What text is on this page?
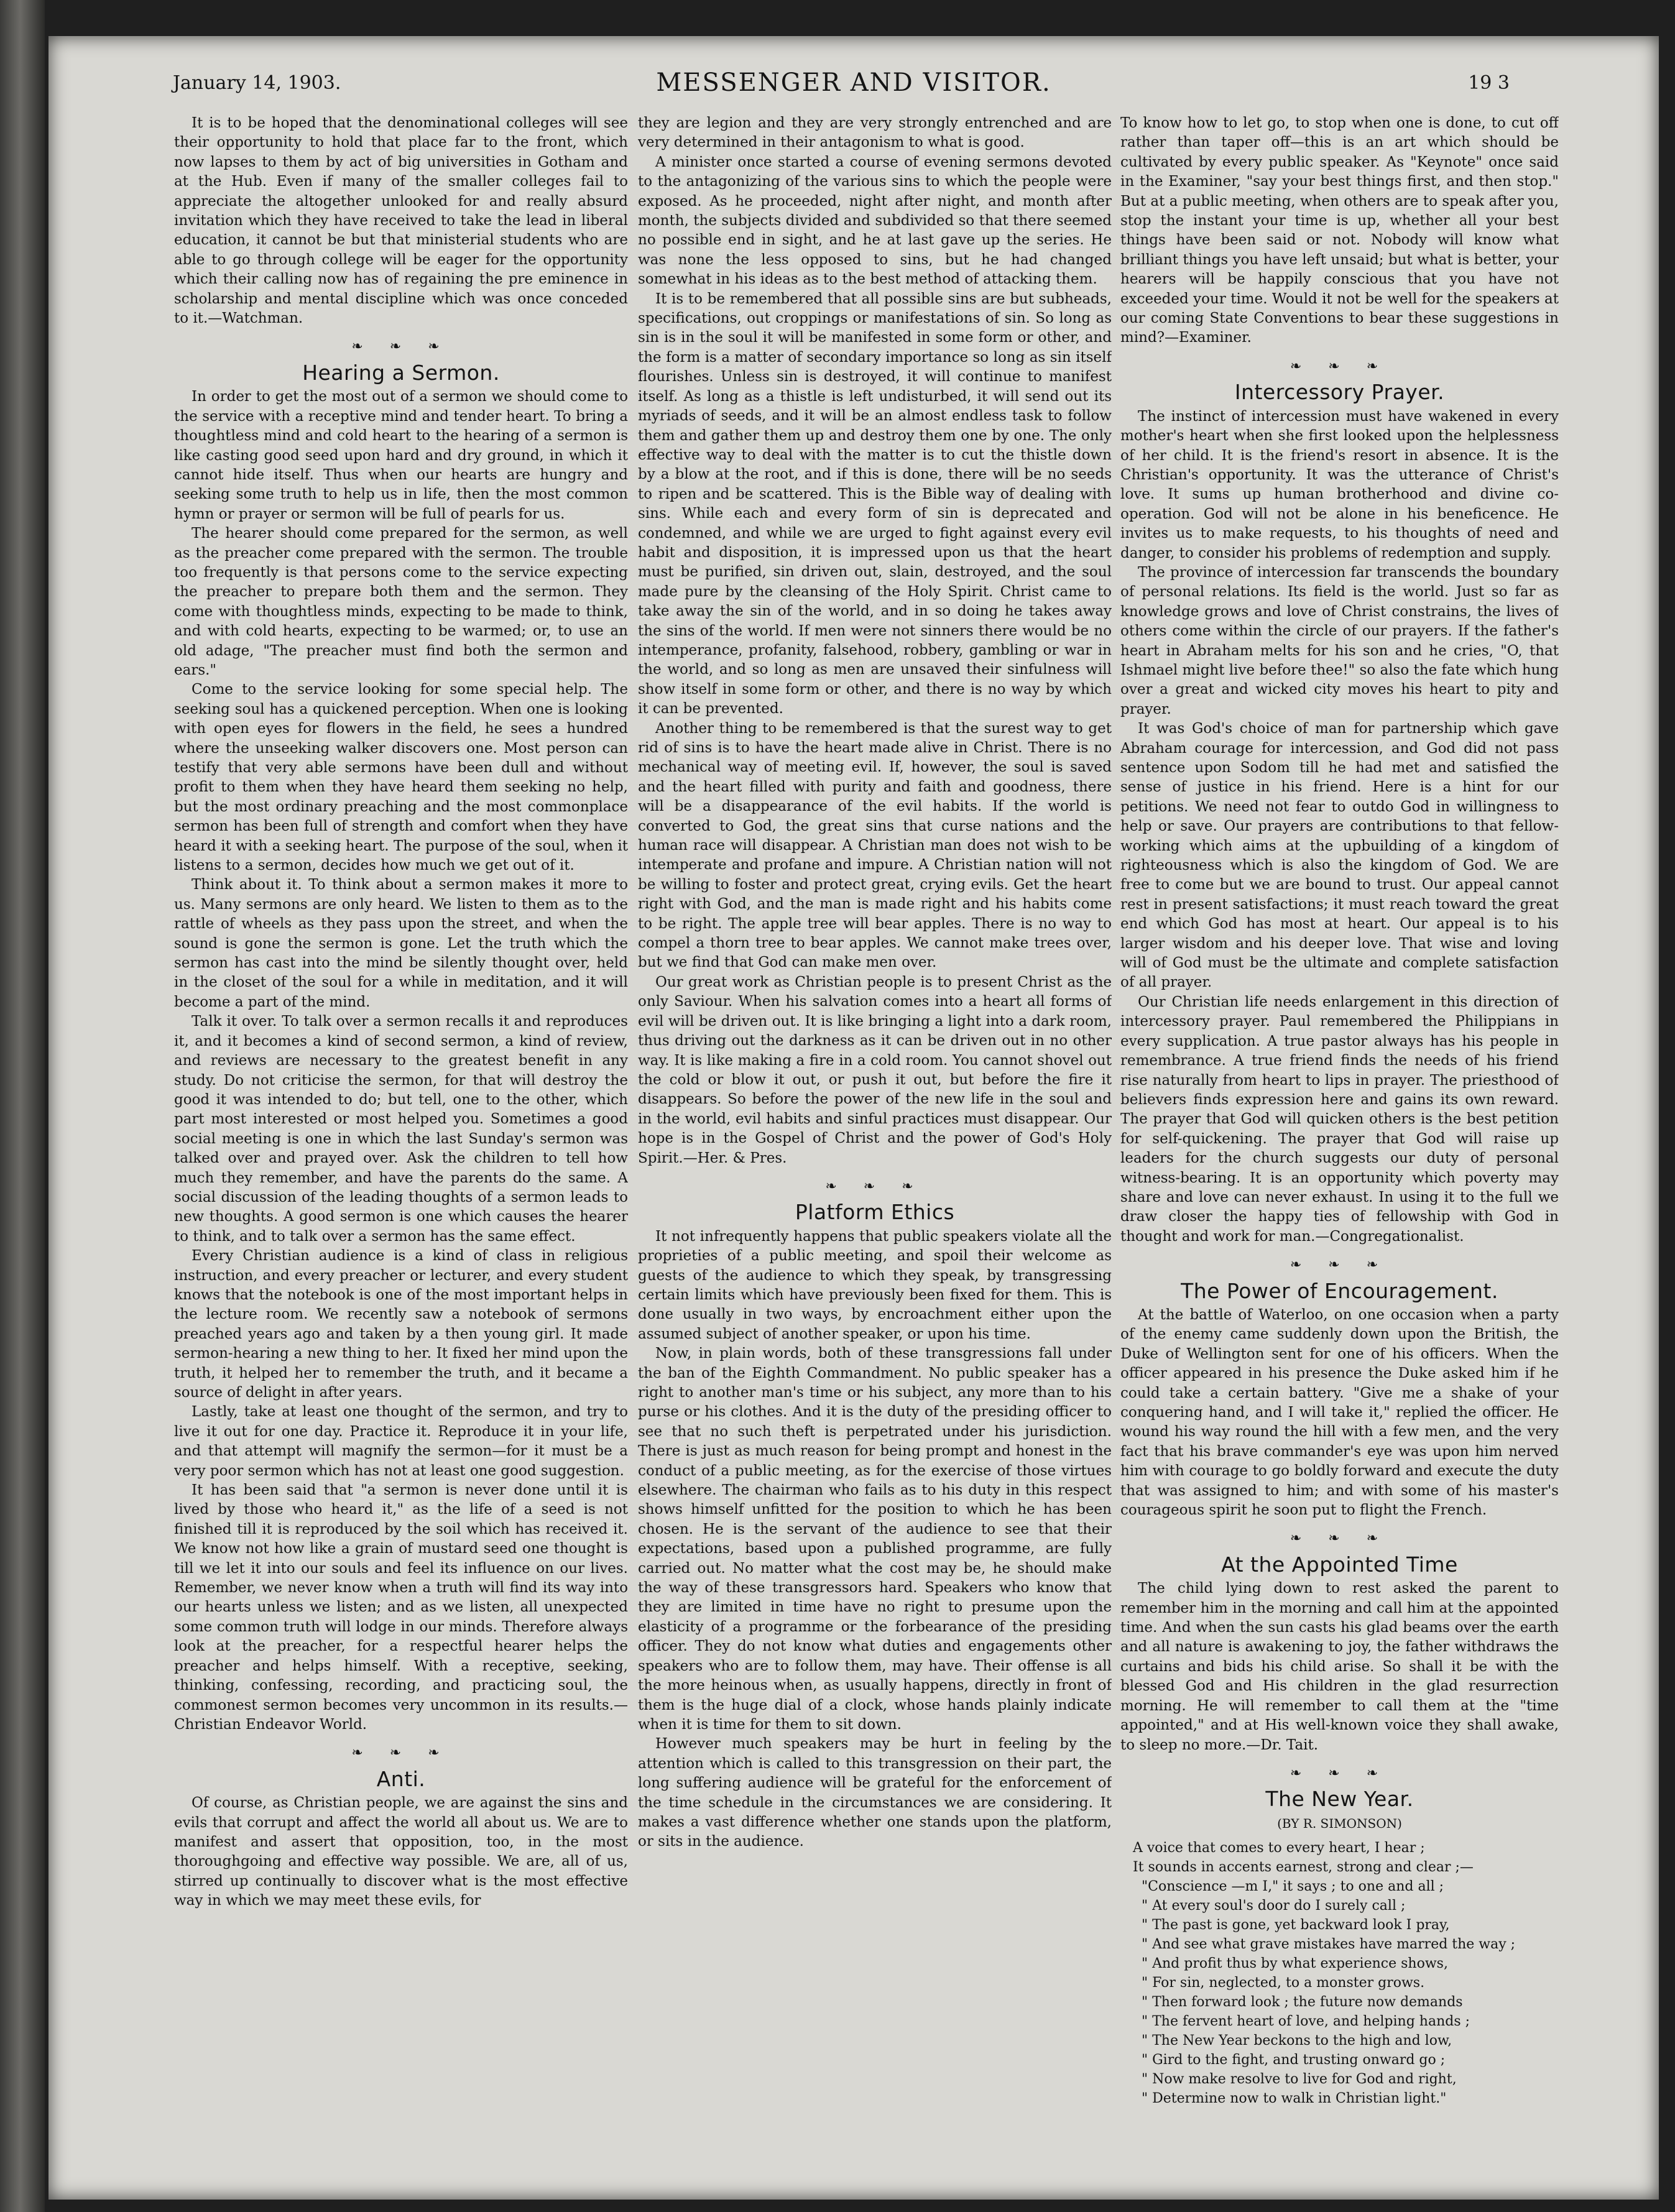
January 14, 1903.	MESSENGER AND VISITOR.	19 3

It is to be hoped that the denominational colleges will see their opportunity to hold that place far to the front, which now lapses to them by act of big universities in Gotham and at the Hub. Even if many of the smaller colleges fail to appreciate the altogether unlooked for and really absurd invitation which they have received to take the lead in liberal education, it cannot be but that ministerial students who are able to go through college will be eager for the opportunity which their calling now has of regaining the pre eminence in scholarship and mental discipline which was once conceded to it.—Watchman.

❧ ❧ ❧
Hearing a Sermon.

In order to get the most out of a sermon we should come to the service with a receptive mind and tender heart. To bring a thoughtless mind and cold heart to the hearing of a sermon is like casting good seed upon hard and dry ground, in which it cannot hide itself. Thus when our hearts are hungry and seeking some truth to help us in life, then the most common hymn or prayer or sermon will be full of pearls for us.

The hearer should come prepared for the sermon, as well as the preacher come prepared with the sermon. The trouble too frequently is that persons come to the service expecting the preacher to prepare both them and the sermon. They come with thoughtless minds, expecting to be made to think, and with cold hearts, expecting to be warmed; or, to use an old adage, "The preacher must find both the sermon and ears."

Come to the service looking for some special help. The seeking soul has a quickened perception. When one is looking with open eyes for flowers in the field, he sees a hundred where the unseeking walker discovers one. Most person can testify that very able sermons have been dull and without profit to them when they have heard them seeking no help, but the most ordinary preaching and the most commonplace sermon has been full of strength and comfort when they have heard it with a seeking heart. The purpose of the soul, when it listens to a sermon, decides how much we get out of it.

Think about it. To think about a sermon makes it more to us. Many sermons are only heard. We listen to them as to the rattle of wheels as they pass upon the street, and when the sound is gone the sermon is gone. Let the truth which the sermon has cast into the mind be silently thought over, held in the closet of the soul for a while in meditation, and it will become a part of the mind.

Talk it over. To talk over a sermon recalls it and reproduces it, and it becomes a kind of second sermon, a kind of review, and reviews are necessary to the greatest benefit in any study. Do not criticise the sermon, for that will destroy the good it was intended to do; but tell, one to the other, which part most interested or most helped you. Sometimes a good social meeting is one in which the last Sunday's sermon was talked over and prayed over. Ask the children to tell how much they remember, and have the parents do the same. A social discussion of the leading thoughts of a sermon leads to new thoughts. A good sermon is one which causes the hearer to think, and to talk over a sermon has the same effect.

Every Christian audience is a kind of class in religious instruction, and every preacher or lecturer, and every student knows that the notebook is one of the most important helps in the lecture room. We recently saw a notebook of sermons preached years ago and taken by a then young girl. It made sermon-hearing a new thing to her. It fixed her mind upon the truth, it helped her to remember the truth, and it became a source of delight in after years.

Lastly, take at least one thought of the sermon, and try to live it out for one day. Practice it. Reproduce it in your life, and that attempt will magnify the sermon—for it must be a very poor sermon which has not at least one good suggestion.

It has been said that "a sermon is never done until it is lived by those who heard it," as the life of a seed is not finished till it is reproduced by the soil which has received it. We know not how like a grain of mustard seed one thought is till we let it into our souls and feel its influence on our lives. Remember, we never know when a truth will find its way into our hearts unless we listen; and as we listen, all unexpected some common truth will lodge in our minds. Therefore always look at the preacher, for a respectful hearer helps the preacher and helps himself. With a receptive, seeking, thinking, confessing, recording, and practicing soul, the commonest sermon becomes very uncommon in its results.—Christian Endeavor World.

❧ ❧ ❧
Anti.

Of course, as Christian people, we are against the sins and evils that corrupt and affect the world all about us. We are to manifest and assert that opposition, too, in the most thoroughgoing and effective way possible. We are, all of us, stirred up continually to discover what is the most effective way in which we may meet these evils, for

they are legion and they are very strongly entrenched and are very determined in their antagonism to what is good.

A minister once started a course of evening sermons devoted to the antagonizing of the various sins to which the people were exposed. As he proceeded, night after night, and month after month, the subjects divided and subdivided so that there seemed no possible end in sight, and he at last gave up the series. He was none the less opposed to sins, but he had changed somewhat in his ideas as to the best method of attacking them.

It is to be remembered that all possible sins are but subheads, specifications, out croppings or manifestations of sin. So long as sin is in the soul it will be manifested in some form or other, and the form is a matter of secondary importance so long as sin itself flourishes. Unless sin is destroyed, it will continue to manifest itself. As long as a thistle is left undisturbed, it will send out its myriads of seeds, and it will be an almost endless task to follow them and gather them up and destroy them one by one. The only effective way to deal with the matter is to cut the thistle down by a blow at the root, and if this is done, there will be no seeds to ripen and be scattered. This is the Bible way of dealing with sins. While each and every form of sin is deprecated and condemned, and while we are urged to fight against every evil habit and disposition, it is impressed upon us that the heart must be purified, sin driven out, slain, destroyed, and the soul made pure by the cleansing of the Holy Spirit. Christ came to take away the sin of the world, and in so doing he takes away the sins of the world. If men were not sinners there would be no intemperance, profanity, falsehood, robbery, gambling or war in the world, and so long as men are unsaved their sinfulness will show itself in some form or other, and there is no way by which it can be prevented.

Another thing to be remembered is that the surest way to get rid of sins is to have the heart made alive in Christ. There is no mechanical way of meeting evil. If, however, the soul is saved and the heart filled with purity and faith and goodness, there will be a disappearance of the evil habits. If the world is converted to God, the great sins that curse nations and the human race will disappear. A Christian man does not wish to be intemperate and profane and impure. A Christian nation will not be willing to foster and protect great, crying evils. Get the heart right with God, and the man is made right and his habits come to be right. The apple tree will bear apples. There is no way to compel a thorn tree to bear apples. We cannot make trees over, but we find that God can make men over.

Our great work as Christian people is to present Christ as the only Saviour. When his salvation comes into a heart all forms of evil will be driven out. It is like bringing a light into a dark room, thus driving out the darkness as it can be driven out in no other way. It is like making a fire in a cold room. You cannot shovel out the cold or blow it out, or push it out, but before the fire it disappears. So before the power of the new life in the soul and in the world, evil habits and sinful practices must disappear. Our hope is in the Gospel of Christ and the power of God's Holy Spirit.—Her. & Pres.

❧ ❧ ❧
Platform Ethics

It not infrequently happens that public speakers violate all the proprieties of a public meeting, and spoil their welcome as guests of the audience to which they speak, by transgressing certain limits which have previously been fixed for them. This is done usually in two ways, by encroachment either upon the assumed subject of another speaker, or upon his time.

Now, in plain words, both of these transgressions fall under the ban of the Eighth Commandment. No public speaker has a right to another man's time or his subject, any more than to his purse or his clothes. And it is the duty of the presiding officer to see that no such theft is perpetrated under his jurisdiction. There is just as much reason for being prompt and honest in the conduct of a public meeting, as for the exercise of those virtues elsewhere. The chairman who fails as to his duty in this respect shows himself unfitted for the position to which he has been chosen. He is the servant of the audience to see that their expectations, based upon a published programme, are fully carried out. No matter what the cost may be, he should make the way of these transgressors hard. Speakers who know that they are limited in time have no right to presume upon the elasticity of a programme or the forbearance of the presiding officer. They do not know what duties and engagements other speakers who are to follow them, may have. Their offense is all the more heinous when, as usually happens, directly in front of them is the huge dial of a clock, whose hands plainly indicate when it is time for them to sit down.

However much speakers may be hurt in feeling by the attention which is called to this transgression on their part, the long suffering audience will be grateful for the enforcement of the time schedule in the circumstances we are considering. It makes a vast difference whether one stands upon the platform, or sits in the audience.

To know how to let go, to stop when one is done, to cut off rather than taper off—this is an art which should be cultivated by every public speaker. As "Keynote" once said in the Examiner, "say your best things first, and then stop." But at a public meeting, when others are to speak after you, stop the instant your time is up, whether all your best things have been said or not. Nobody will know what brilliant things you have left unsaid; but what is better, your hearers will be happily conscious that you have not exceeded your time. Would it not be well for the speakers at our coming State Conventions to bear these suggestions in mind?—Examiner.

❧ ❧ ❧
Intercessory Prayer.

The instinct of intercession must have wakened in every mother's heart when she first looked upon the helplessness of her child. It is the friend's resort in absence. It is the Christian's opportunity. It was the utterance of Christ's love. It sums up human brotherhood and divine co-operation. God will not be alone in his beneficence. He invites us to make requests, to his thoughts of need and danger, to consider his problems of redemption and supply.

The province of intercession far transcends the boundary of personal relations. Its field is the world. Just so far as knowledge grows and love of Christ constrains, the lives of others come within the circle of our prayers. If the father's heart in Abraham melts for his son and he cries, "O, that Ishmael might live before thee!" so also the fate which hung over a great and wicked city moves his heart to pity and prayer.

It was God's choice of man for partnership which gave Abraham courage for intercession, and God did not pass sentence upon Sodom till he had met and satisfied the sense of justice in his friend. Here is a hint for our petitions. We need not fear to outdo God in willingness to help or save. Our prayers are contributions to that fellow-working which aims at the upbuilding of a kingdom of righteousness which is also the kingdom of God. We are free to come but we are bound to trust. Our appeal cannot rest in present satisfactions; it must reach toward the great end which God has most at heart. Our appeal is to his larger wisdom and his deeper love. That wise and loving will of God must be the ultimate and complete satisfaction of all prayer.

Our Christian life needs enlargement in this direction of intercessory prayer. Paul remembered the Philippians in every supplication. A true pastor always has his people in remembrance. A true friend finds the needs of his friend rise naturally from heart to lips in prayer. The priesthood of believers finds expression here and gains its own reward. The prayer that God will quicken others is the best petition for self-quickening. The prayer that God will raise up leaders for the church suggests our duty of personal witness-bearing. It is an opportunity which poverty may share and love can never exhaust. In using it to the full we draw closer the happy ties of fellowship with God in thought and work for man.—Congregationalist.

❧ ❧ ❧
The Power of Encouragement.

At the battle of Waterloo, on one occasion when a party of the enemy came suddenly down upon the British, the Duke of Wellington sent for one of his officers. When the officer appeared in his presence the Duke asked him if he could take a certain battery. "Give me a shake of your conquering hand, and I will take it," replied the officer. He wound his way round the hill with a few men, and the very fact that his brave commander's eye was upon him nerved him with courage to go boldly forward and execute the duty that was assigned to him; and with some of his master's courageous spirit he soon put to flight the French.

❧ ❧ ❧
At the Appointed Time

The child lying down to rest asked the parent to remember him in the morning and call him at the appointed time. And when the sun casts his glad beams over the earth and all nature is awakening to joy, the father withdraws the curtains and bids his child arise. So shall it be with the blessed God and His children in the glad resurrection morning. He will remember to call them at the "time appointed," and at His well-known voice they shall awake, to sleep no more.—Dr. Tait.

❧ ❧ ❧
The New Year.
(BY R. SIMONSON)
A voice that comes to every heart, I hear ;
It sounds in accents earnest, strong and clear ;—
"Conscience —m I," it says ; to one and all ;
" At every soul's door do I surely call ;
" The past is gone, yet backward look I pray,
" And see what grave mistakes have marred the way ;
" And profit thus by what experience shows,
" For sin, neglected, to a monster grows.
" Then forward look ; the future now demands
" The fervent heart of love, and helping hands ;
" The New Year beckons to the high and low,
" Gird to the fight, and trusting onward go ;
" Now make resolve to live for God and right,
" Determine now to walk in Christian light."
